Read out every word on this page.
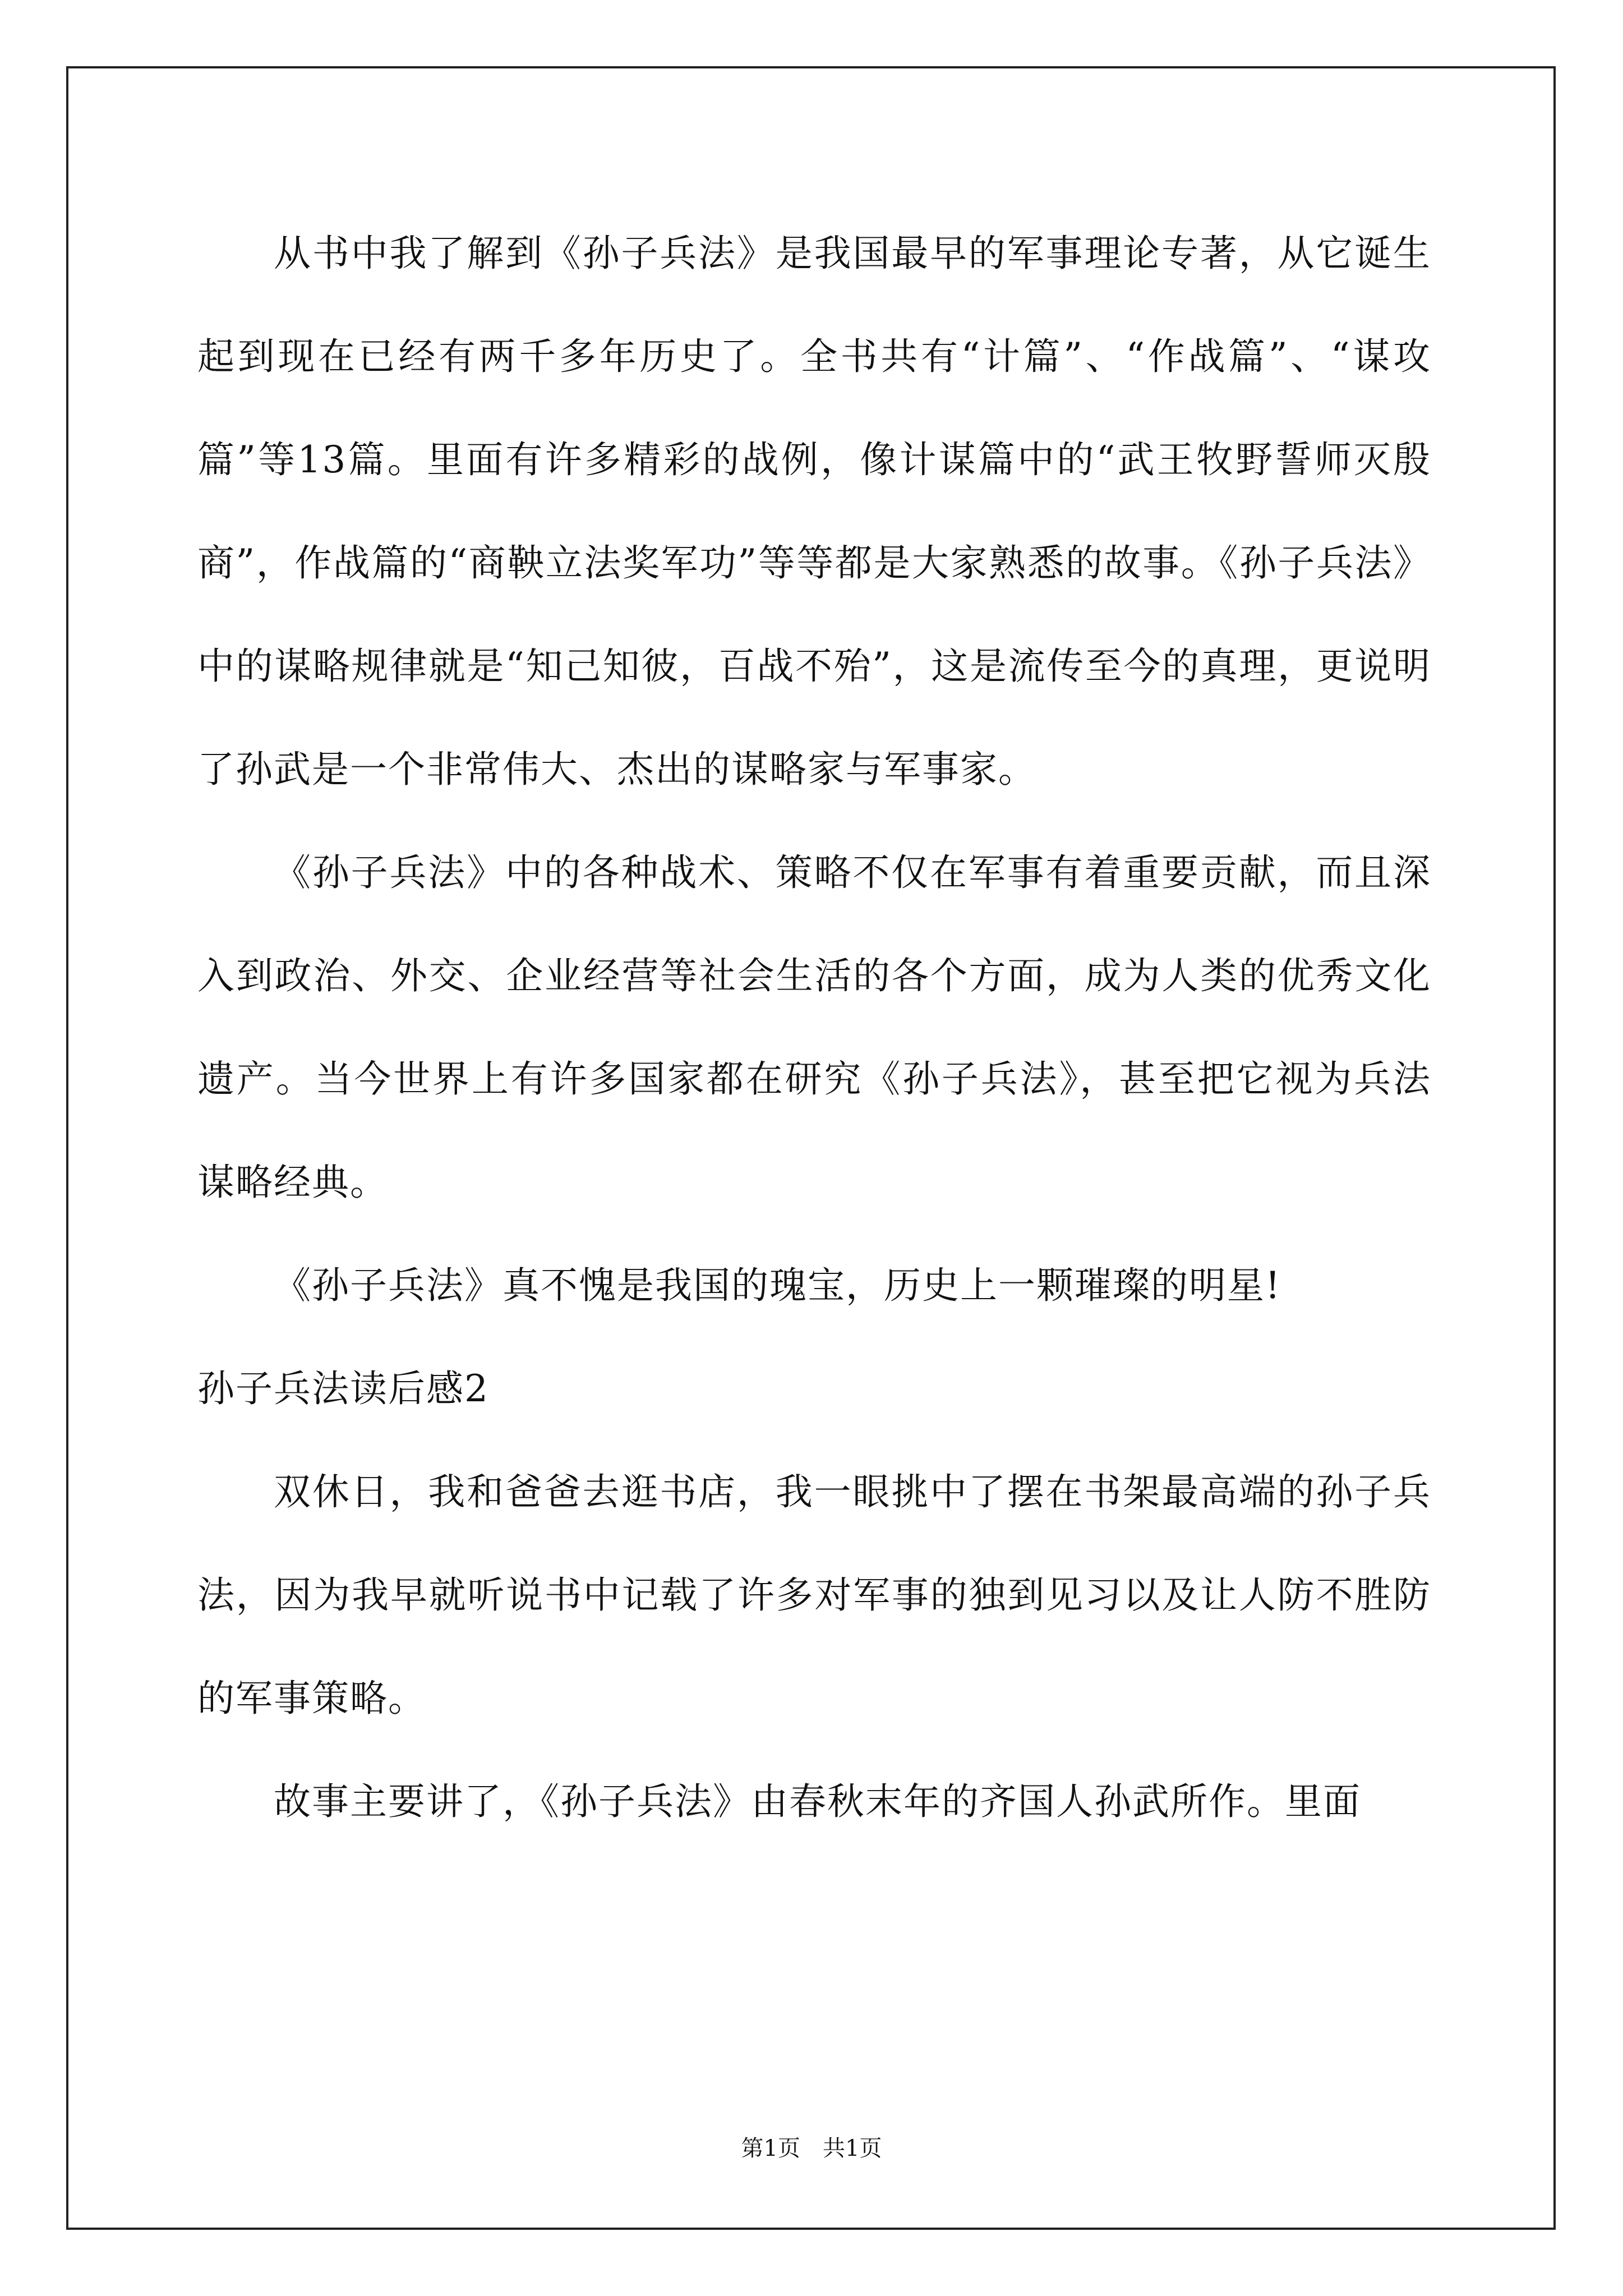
从书中我了解到《孙子兵法》是我国最早的军事理论专著，从它诞生起到现在已经有两千多年历史了。全书共有“计篇”、“作战篇”、“谋攻篇”等13篇。里面有许多精彩的战例，像计谋篇中的“武王牧野誓师灭殷商”，作战篇的“商鞅立法奖军功”等等都是大家熟悉的故事。《孙子兵法》中的谋略规律就是“知己知彼，百战不殆”，这是流传至今的真理，更说明了孙武是一个非常伟大、杰出的谋略家与军事家。

《孙子兵法》中的各种战术、策略不仅在军事有着重要贡献，而且深入到政治、外交、企业经营等社会生活的各个方面，成为人类的优秀文化遗产。当今世界上有许多国家都在研究《孙子兵法》，甚至把它视为兵法谋略经典。

《孙子兵法》真不愧是我国的瑰宝，历史上一颗璀璨的明星!

孙子兵法读后感2

双休日，我和爸爸去逛书店，我一眼挑中了摆在书架最高端的孙子兵法，因为我早就听说书中记载了许多对军事的独到见习以及让人防不胜防的军事策略。

故事主要讲了，《孙子兵法》由春秋末年的齐国人孙武所作。里面

第1页　共1页
